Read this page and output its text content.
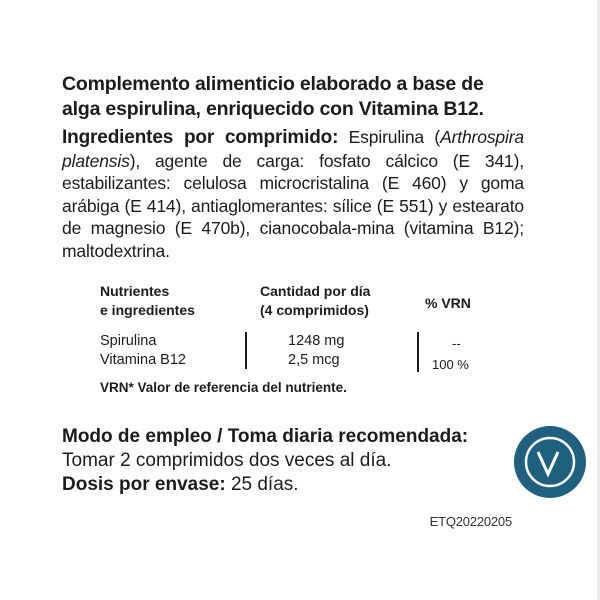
Complemento alimenticio elaborado a base de
alga espirulina, enriquecido con Vitamina B12.
Ingredientes por comprimido: Espirulina (Arthrospira platensis), agente de carga: fosfato cálcico (E 341), estabilizantes: celulosa microcristalina (E 460) y goma arábiga (E 414), antiaglomerantes: sílice (E 551) y estearato de magnesio (E 470b), cianocobala-mina (vitamina B12); maltodextrina.
Nutrientes
e ingredientes
Cantidad por día
(4 comprimidos)	% VRN
Spirulina
Vitamina B12
1248 mg
2,5 mcg
--
100 %
VRN* Valor de referencia del nutriente.
Modo de empleo / Toma diaria recomendada:
Tomar 2 comprimidos dos veces al día.
Dosis por envase: 25 días.
ETQ20220205
